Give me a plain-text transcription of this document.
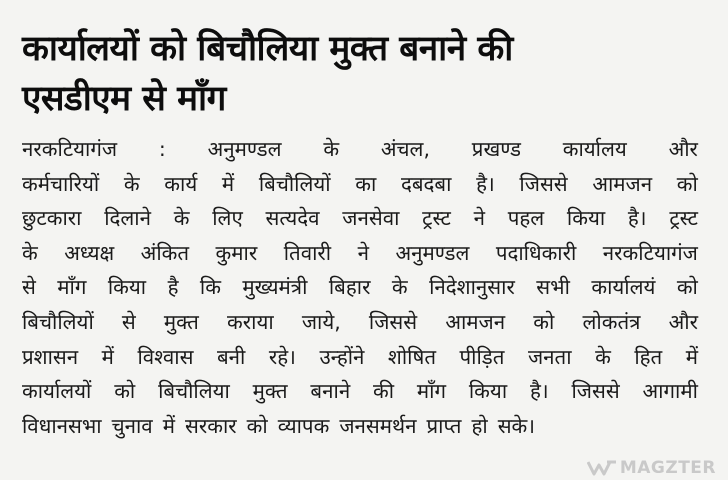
कार्यालयों को बिचौलिया मुक्त बनाने की
एसडीएम से माँग
नरकटियागंज : अनुमण्डल के अंचल, प्रखण्ड कार्यालय और
कर्मचारियों के कार्य में बिचौलियों का दबदबा है। जिससे आमजन को
छुटकारा दिलाने के लिए सत्यदेव जनसेवा ट्रस्ट ने पहल किया है। ट्रस्ट
के अध्यक्ष अंकित कुमार तिवारी ने अनुमण्डल पदाधिकारी नरकटियागंज
से माँग किया है कि मुख्यमंत्री बिहार के निदेशानुसार सभी कार्यालयं को
बिचौलियों से मुक्त कराया जाये, जिससे आमजन को लोकतंत्र और
प्रशासन में विश्वास बनी रहे। उन्होंने शोषित पीड़ित जनता के हित में
कार्यालयों को बिचौलिया मुक्त बनाने की माँग किया है। जिससे आगामी
विधानसभा चुनाव में सरकार को व्यापक जनसमर्थन प्राप्त हो सके।
MAGZTER
